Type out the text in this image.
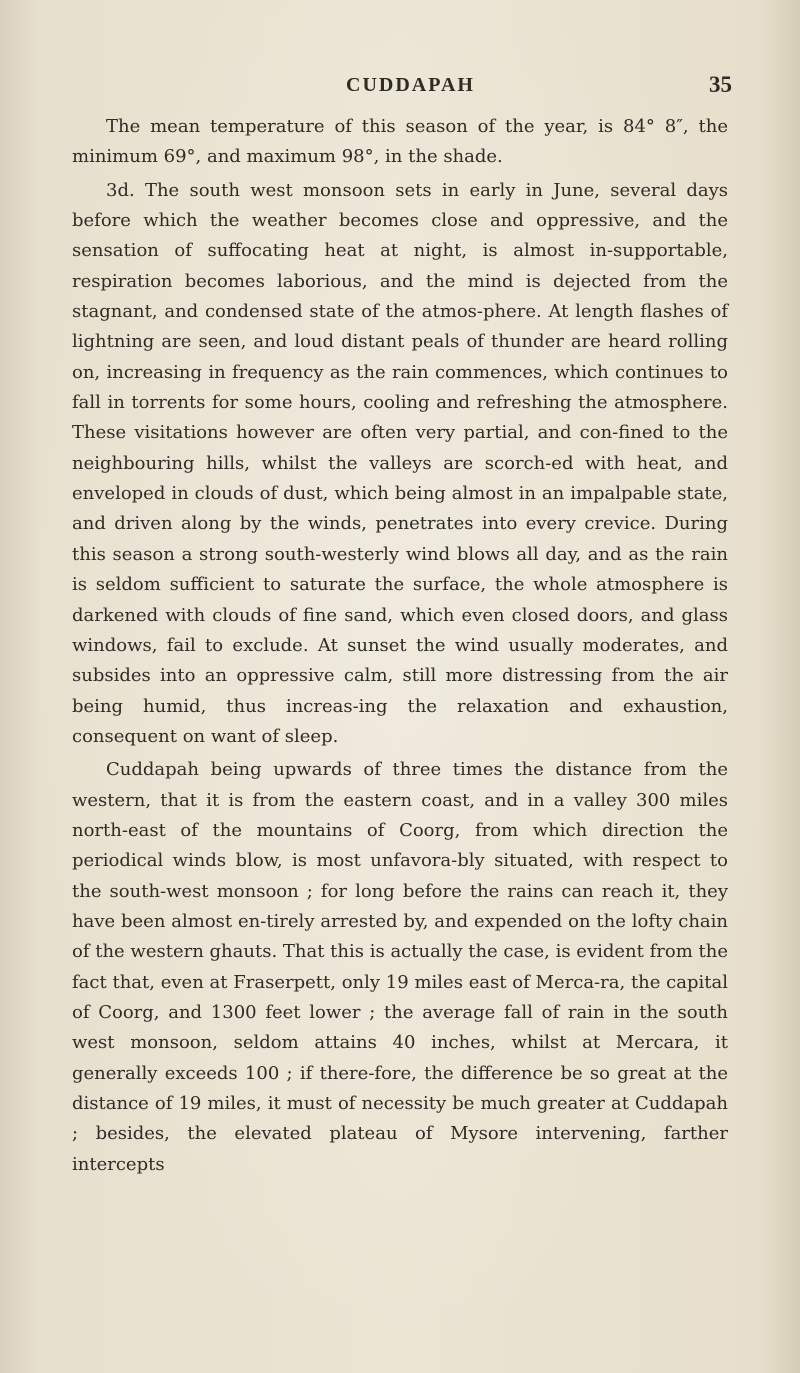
CUDDAPAH	35

The mean temperature of this season of the year, is 84° 8″, the minimum 69°, and maximum 98°, in the shade.

3d. The south west monsoon sets in early in June, several days before which the weather becomes close and oppressive, and the sensation of suffocating heat at night, is almost in-supportable, respiration becomes laborious, and the mind is dejected from the stagnant, and condensed state of the atmos-phere. At length flashes of lightning are seen, and loud distant peals of thunder are heard rolling on, increasing in frequency as the rain commences, which continues to fall in torrents for some hours, cooling and refreshing the atmosphere. These visitations however are often very partial, and con-fined to the neighbouring hills, whilst the valleys are scorch-ed with heat, and enveloped in clouds of dust, which being almost in an impalpable state, and driven along by the winds, penetrates into every crevice. During this season a strong south-westerly wind blows all day, and as the rain is seldom sufficient to saturate the surface, the whole atmosphere is darkened with clouds of fine sand, which even closed doors, and glass windows, fail to exclude. At sunset the wind usually moderates, and subsides into an oppressive calm, still more distressing from the air being humid, thus increas-ing the relaxation and exhaustion, consequent on want of sleep.

Cuddapah being upwards of three times the distance from the western, that it is from the eastern coast, and in a valley 300 miles north-east of the mountains of Coorg, from which direction the periodical winds blow, is most unfavora-bly situated, with respect to the south-west monsoon ; for long before the rains can reach it, they have been almost en-tirely arrested by, and expended on the lofty chain of the western ghauts. That this is actually the case, is evident from the fact that, even at Fraserpett, only 19 miles east of Merca-ra, the capital of Coorg, and 1300 feet lower ; the average fall of rain in the south west monsoon, seldom attains 40 inches, whilst at Mercara, it generally exceeds 100 ; if there-fore, the difference be so great at the distance of 19 miles, it must of necessity be much greater at Cuddapah ; besides, the elevated plateau of Mysore intervening, farther intercepts
